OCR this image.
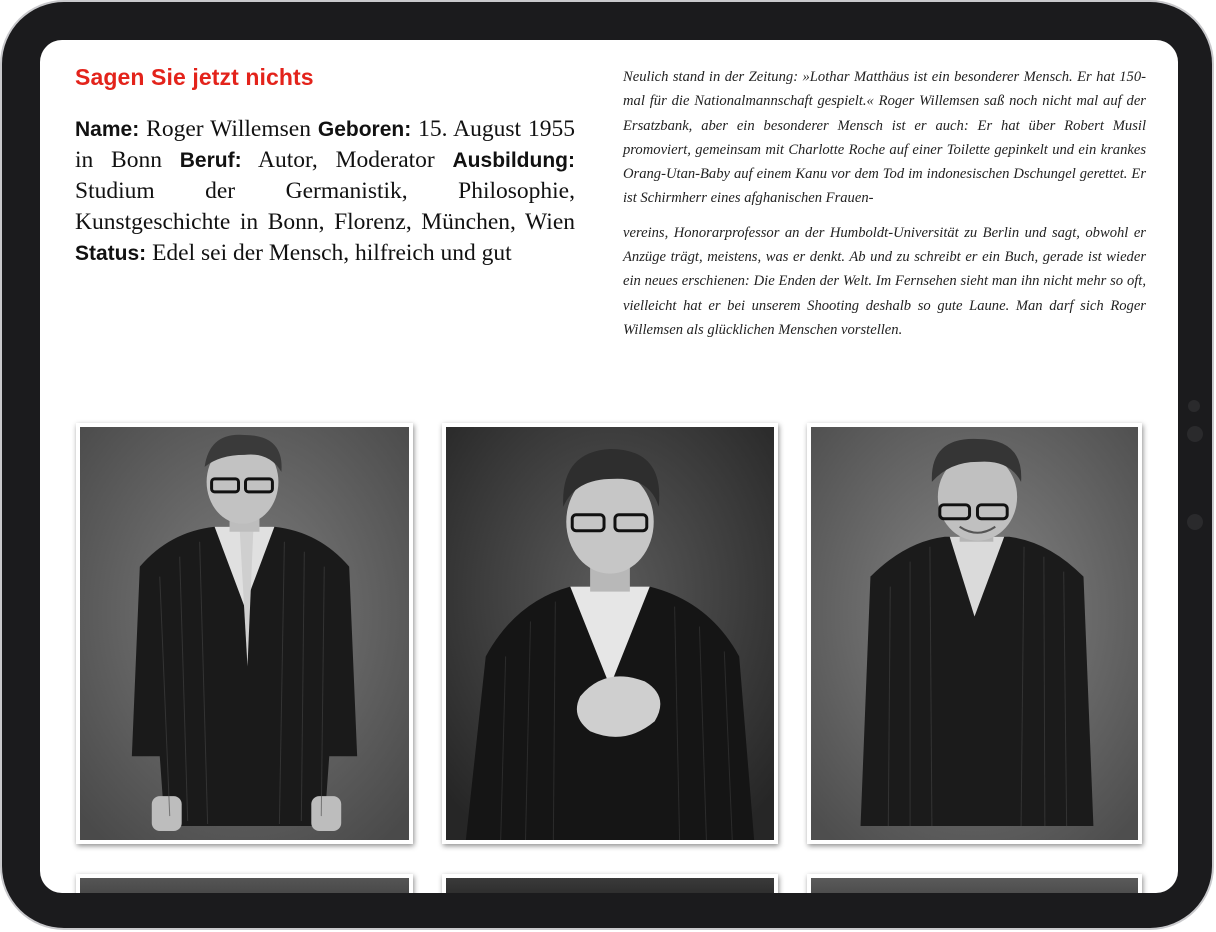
Sagen Sie jetzt nichts
Name: Roger Willemsen Geboren: 15. August 1955 in Bonn Beruf: Autor, Moderator Ausbildung: Studium der Germanistik, Philosophie, Kunstgeschichte in Bonn, Florenz, München, Wien Status: Edel sei der Mensch, hilfreich und gut

Neulich stand in der Zeitung: »Lothar Matthäus ist ein besonderer Mensch. Er hat 150-mal für die Nationalmannschaft gespielt.« Roger Willemsen saß noch nicht mal auf der Ersatzbank, aber ein besonderer Mensch ist er auch: Er hat über Robert Musil promoviert, gemeinsam mit Charlotte Roche auf einer Toilette gepinkelt und ein krankes Orang-Utan-Baby auf einem Kanu vor dem Tod im indonesischen Dschungel gerettet. Er ist Schirmherr eines afghanischen Frauen-

vereins, Honorarprofessor an der Humboldt-Universität zu Berlin und sagt, obwohl er Anzüge trägt, meistens, was er denkt. Ab und zu schreibt er ein Buch, gerade ist wieder ein neues erschienen: Die Enden der Welt. Im Fernsehen sieht man ihn nicht mehr so oft, vielleicht hat er bei unserem Shooting deshalb so gute Laune. Man darf sich Roger Willemsen als glücklichen Menschen vorstellen.
